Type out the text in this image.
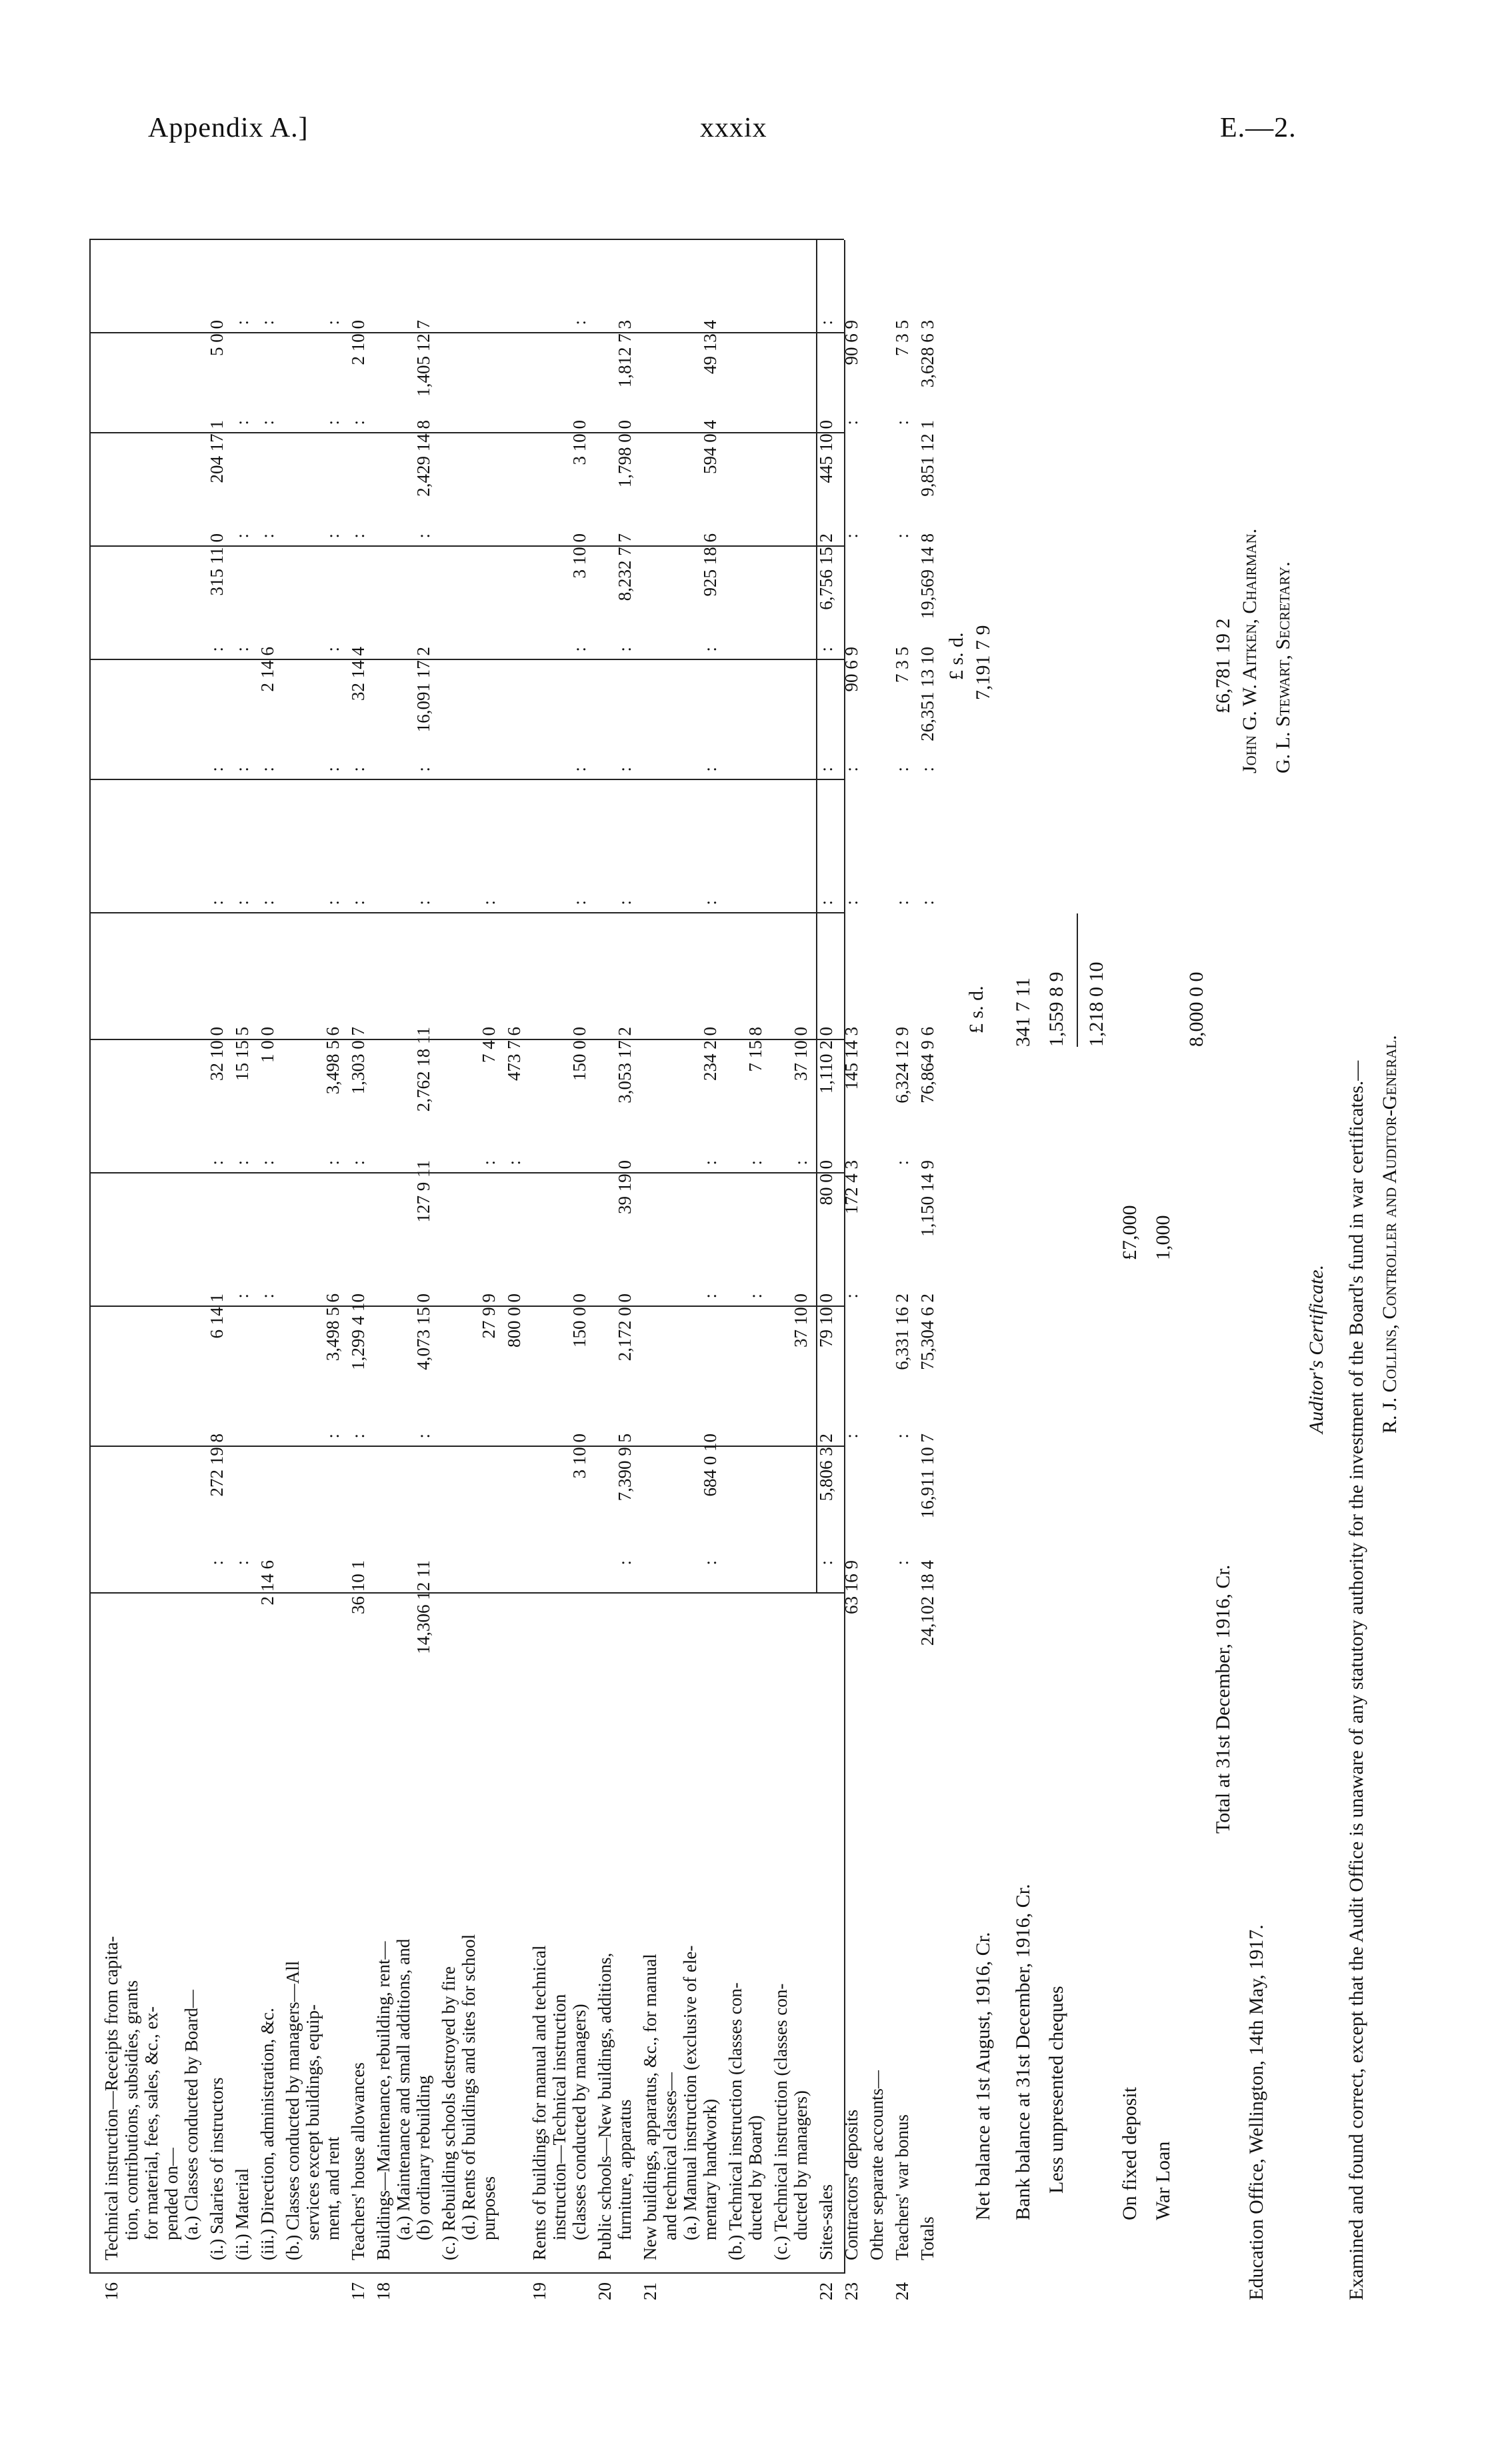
Appendix A.]	xxxix	E.—2.
16
Technical instruction—Receipts from capita- tion, contributions, subsidies, grants for material, fees, sales, &c., ex- pended on— (a.) Classes conducted by Board— (i.) Salaries of instructors
:
272 19 8
6 14 1
:
32 10 0
:
:
:
315 11 0
204 17 1
5 0 0
(ii.) Material
:
:
:
15 15 5
:
:
:
:
:
:
(iii.) Direction, administration, &c.
2 14 6
:
:
1 0 0
:
:
2 14 6
:
:
:
(b.) Classes conducted by managers—All services except buildings, equip- ment, and rent
:
3,498 5 6
:
3,498 5 6
:
:
:
:
:
:
17
Teachers' house allowances
36 10 1
:
1,299 4 10
:
1,303 0 7
:
:
32 14 4
:
:
2 10 0
18
Buildings—Maintenance, rebuilding, rent— (a.) Maintenance and small additions, and (b) ordinary rebuilding
14,306 12 11
:
4,073 15 0
127 9 11
2,762 18 11
:
:
16,091 17 2
:
2,429 14 8
1,405 12 7
(c.) Rebuilding schools destroyed by fire (d.) Rents of buildings and sites for school purposes
27 9 9
:
7 4 0
:
800 0 0
:
473 7 6
19
Rents of buildings for manual and technical instruction—Technical instruction (classes conducted by managers)
3 10 0
150 0 0
150 0 0
:
:
:
3 10 0
3 10 0
:
20
Public schools—New buildings, additions, furniture, apparatus
:
7,390 9 5
2,172 0 0
39 19 0
3,053 17 2
:
:
:
8,232 7 7
1,798 0 0
1,812 7 3
21
New buildings, apparatus, &c., for manual and technical classes— (a.) Manual instruction (exclusive of ele- mentary handwork)
:
684 0 10
:
:
234 2 0
:
:
:
925 18 6
594 0 4
49 13 4
(b.) Technical instruction (classes con- ducted by Board)
:
:
7 15 8
(c.) Technical instruction (classes con- ducted by managers)
37 10 0
:
37 10 0
22
Sites-sales
:
5,806 3 2
79 10 0
80 0 0
1,110 2 0
:
:
:
6,756 15 2
445 10 0
:
23
Contractors' deposits
63 16 9
:
:
172 4 3
145 14 3
:
:
90 6 9
:
:
90 6 9
Other separate accounts—
24
Teachers' war bonus
:
:
6,331 16 2
:
6,324 12 9
:
:
7 3 5
:
:
7 3 5
Totals
24,102 18 4
16,911 10 7
75,304 6 2
1,150 14 9
76,864 9 6
:
:
26,351 13 10
19,569 14 8
9,851 12 1
3,628 6 3
Net balance at 1st August, 1916, Cr.
£ s. d.
£ s. d. 7,191 7 9
Bank balance at 31st December, 1916, Cr.
341 7 11
Less unpresented cheques
1,559 8 9 1,218 0 10
On fixed deposit
£7,000
War Loan
1,000
8,000 0 0
Total at 31st December, 1916, Cr.
£6,781 19 2
Education Office, Wellington, 14th May, 1917.
John G. W. Aitken, Chairman. G. L. Stewart, Secretary.
Auditor's Certificate. Examined and found correct, except that the Audit Office is unaware of any statutory authority for the investment of the Board's fund in war certificates.— R. J. Collins, Controller and Auditor-General.
